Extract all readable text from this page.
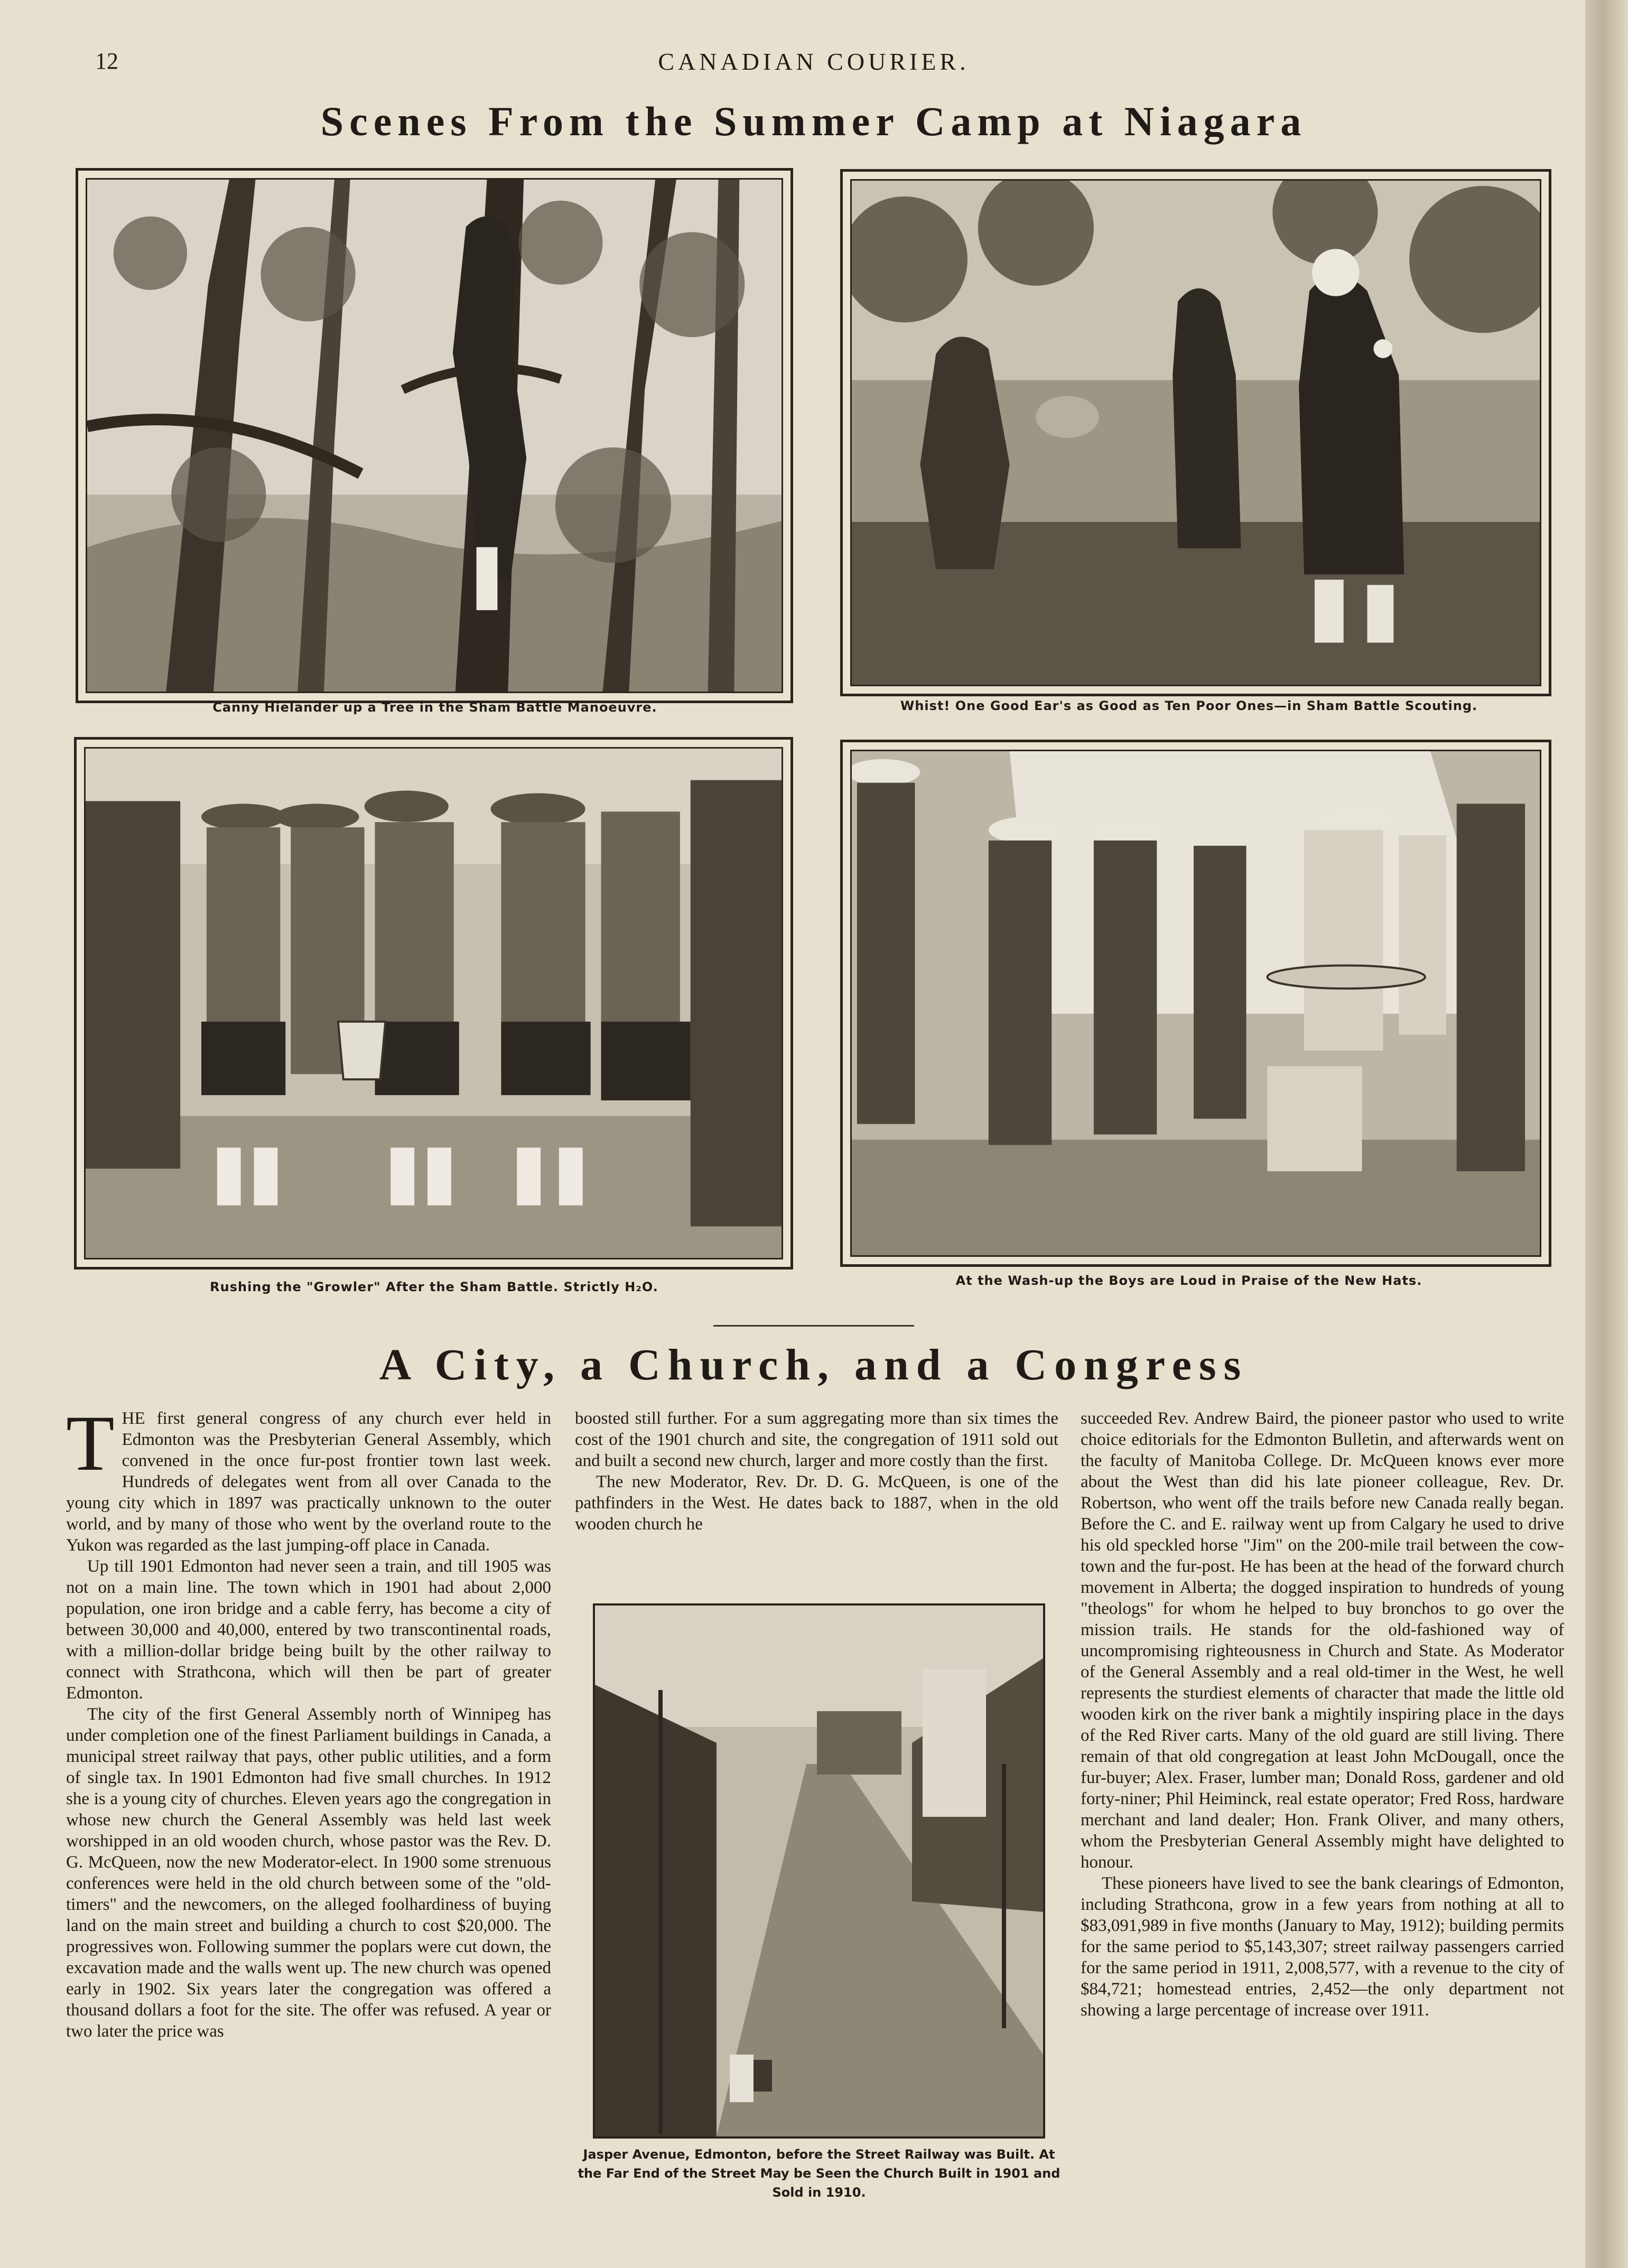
12	CANADIAN COURIER.
Scenes From the Summer Camp at Niagara
Canny Hielander up a Tree in the Sham Battle Manoeuvre.	Whist! One Good Ear's as Good as Ten Poor Ones—in Sham Battle Scouting.
Rushing the "Growler" After the Sham Battle. Strictly H₂O.	At the Wash-up the Boys are Loud in Praise of the New Hats.
A City, a Church, and a Congress

THE first general congress of any church ever held in Edmonton was the Presbyterian General Assembly, which convened in the once fur-post frontier town last week. Hundreds of delegates went from all over Canada to the young city which in 1897 was practically unknown to the outer world, and by many of those who went by the overland route to the Yukon was regarded as the last jumping-off place in Canada.

Up till 1901 Edmonton had never seen a train, and till 1905 was not on a main line. The town which in 1901 had about 2,000 population, one iron bridge and a cable ferry, has become a city of between 30,000 and 40,000, entered by two transcontinental roads, with a million-dollar bridge being built by the other railway to connect with Strathcona, which will then be part of greater Edmonton.

The city of the first General Assembly north of Winnipeg has under completion one of the finest Parliament buildings in Canada, a municipal street railway that pays, other public utilities, and a form of single tax. In 1901 Edmonton had five small churches. In 1912 she is a young city of churches. Eleven years ago the congregation in whose new church the General Assembly was held last week worshipped in an old wooden church, whose pastor was the Rev. D. G. McQueen, now the new Moderator-elect. In 1900 some strenuous conferences were held in the old church between some of the "old-timers" and the newcomers, on the alleged foolhardiness of buying land on the main street and building a church to cost $20,000. The progressives won. Following summer the poplars were cut down, the excavation made and the walls went up. The new church was opened early in 1902. Six years later the congregation was offered a thousand dollars a foot for the site. The offer was refused. A year or two later the price was

boosted still further. For a sum aggregating more than six times the cost of the 1901 church and site, the congregation of 1911 sold out and built a second new church, larger and more costly than the first.

The new Moderator, Rev. Dr. D. G. McQueen, is one of the pathfinders in the West. He dates back to 1887, when in the old wooden church he

Jasper Avenue, Edmonton, before the Street Railway was Built. At the Far End of the Street May be Seen the Church Built in 1901 and Sold in 1910.

succeeded Rev. Andrew Baird, the pioneer pastor who used to write choice editorials for the Edmonton Bulletin, and afterwards went on the faculty of Manitoba College. Dr. McQueen knows ever more about the West than did his late pioneer colleague, Rev. Dr. Robertson, who went off the trails before new Canada really began. Before the C. and E. railway went up from Calgary he used to drive his old speckled horse "Jim" on the 200-mile trail between the cow-town and the fur-post. He has been at the head of the forward church movement in Alberta; the dogged inspiration to hundreds of young "theologs" for whom he helped to buy bronchos to go over the mission trails. He stands for the old-fashioned way of uncompromising righteousness in Church and State. As Moderator of the General Assembly and a real old-timer in the West, he well represents the sturdiest elements of character that made the little old wooden kirk on the river bank a mightily inspiring place in the days of the Red River carts. Many of the old guard are still living. There remain of that old congregation at least John McDougall, once the fur-buyer; Alex. Fraser, lumber man; Donald Ross, gardener and old forty-niner; Phil Heiminck, real estate operator; Fred Ross, hardware merchant and land dealer; Hon. Frank Oliver, and many others, whom the Presbyterian General Assembly might have delighted to honour.

These pioneers have lived to see the bank clearings of Edmonton, including Strathcona, grow in a few years from nothing at all to $83,091,989 in five months (January to May, 1912); building permits for the same period to $5,143,307; street railway passengers carried for the same period in 1911, 2,008,577, with a revenue to the city of $84,721; homestead entries, 2,452—the only department not showing a large percentage of increase over 1911.
